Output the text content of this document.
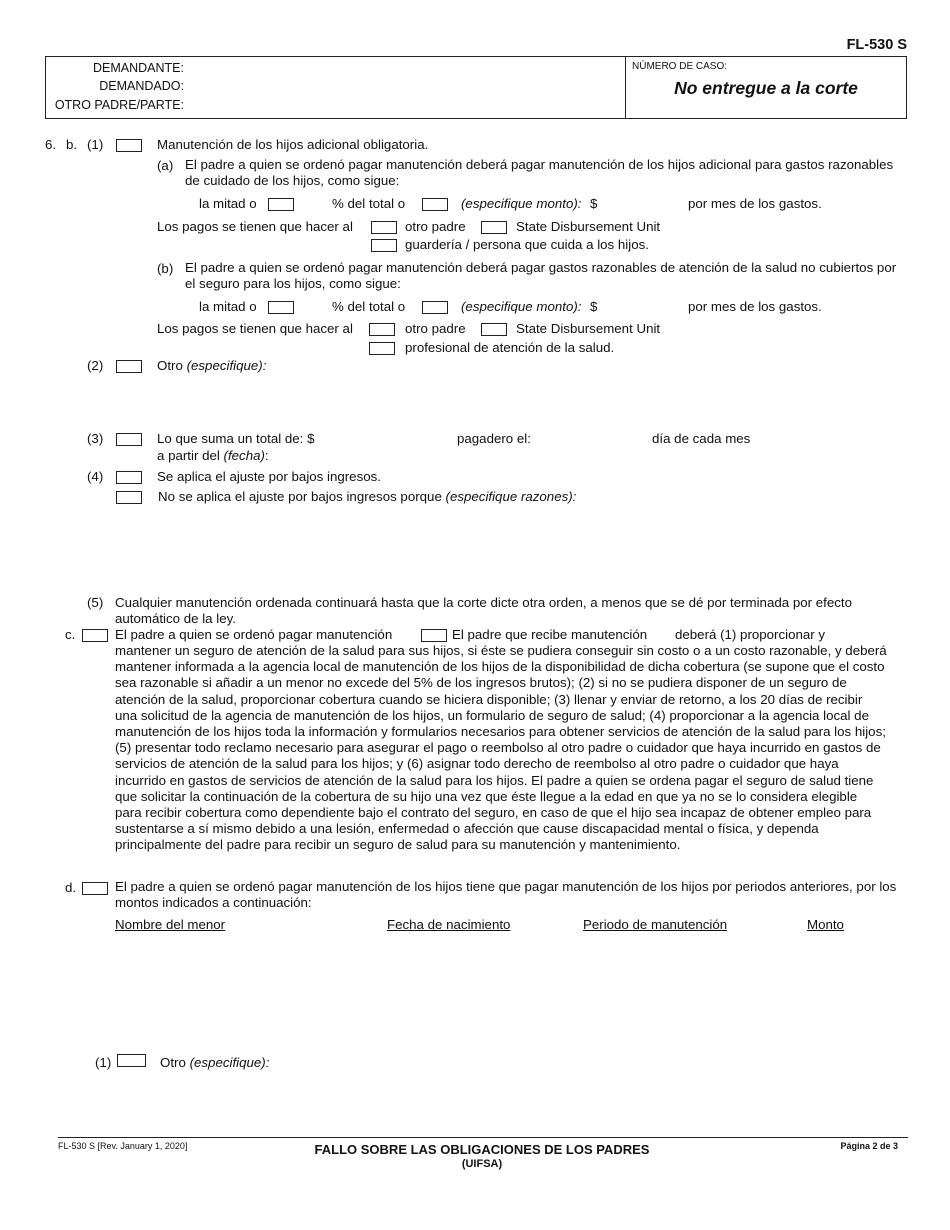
FL-530 S
DEMANDANTE:
DEMANDADO:
OTRO PADRE/PARTE:
NÚMERO DE CASO:
No entregue a la corte
6. b. (1)	Manutención de los hijos adicional obligatoria.
(a) El padre a quien se ordenó pagar manutención deberá pagar manutención de los hijos adicional para gastos razonables de cuidado de los hijos, como sigue:
la mitad o	% del total o	(especifique monto): $	por mes de los gastos.
Los pagos se tienen que hacer al	otro padre	State Disbursement Unit
guardería / persona que cuida a los hijos.
(b) El padre a quien se ordenó pagar manutención deberá pagar gastos razonables de atención de la salud no cubiertos por el seguro para los hijos, como sigue:
la mitad o	% del total o	(especifique monto): $	por mes de los gastos.
Los pagos se tienen que hacer al	otro padre	State Disbursement Unit
profesional de atención de la salud.
(2)	Otro (especifique):
(3)	Lo que suma un total de: $	pagadero el:	día de cada mes
a partir del (fecha):
(4)	Se aplica el ajuste por bajos ingresos.
No se aplica el ajuste por bajos ingresos porque (especifique razones):
(5) Cualquier manutención ordenada continuará hasta que la corte dicte otra orden, a menos que se dé por terminada por efecto automático de la ley.
c.	El padre a quien se ordenó pagar manutención	El padre que recibe manutención deberá (1) proporcionar y
mantener un seguro de atención de la salud para sus hijos, si éste se pudiera conseguir sin costo o a un costo razonable, y deberá mantener informada a la agencia local de manutención de los hijos de la disponibilidad de dicha cobertura (se supone que el costo sea razonable si añadir a un menor no excede del 5% de los ingresos brutos); (2) si no se pudiera disponer de un seguro de atención de la salud, proporcionar cobertura cuando se hiciera disponible; (3) llenar y enviar de retorno, a los 20 días de recibir una solicitud de la agencia de manutención de los hijos, un formulario de seguro de salud; (4) proporcionar a la agencia local de manutención de los hijos toda la información y formularios necesarios para obtener servicios de atención de la salud para los hijos; (5) presentar todo reclamo necesario para asegurar el pago o reembolso al otro padre o cuidador que haya incurrido en gastos de servicios de atención de la salud para los hijos; y (6) asignar todo derecho de reembolso al otro padre o cuidador que haya incurrido en gastos de servicios de atención de la salud para los hijos. El padre a quien se ordena pagar el seguro de salud tiene que solicitar la continuación de la cobertura de su hijo una vez que éste llegue a la edad en que ya no se lo considera elegible para recibir cobertura como dependiente bajo el contrato del seguro, en caso de que el hijo sea incapaz de obtener empleo para sustentarse a sí mismo debido a una lesión, enfermedad o afección que cause discapacidad mental o física, y dependa principalmente del padre para recibir un seguro de salud para su manutención y mantenimiento.
d.	El padre a quien se ordenó pagar manutención de los hijos tiene que pagar manutención de los hijos por periodos anteriores, por los montos indicados a continuación:
Nombre del menor	Fecha de nacimiento	Periodo de manutención	Monto
(1)	Otro (especifique):
FL-530 S [Rev. January 1, 2020]	FALLO SOBRE LAS OBLIGACIONES DE LOS PADRES
(UIFSA)
Página 2 de 3
